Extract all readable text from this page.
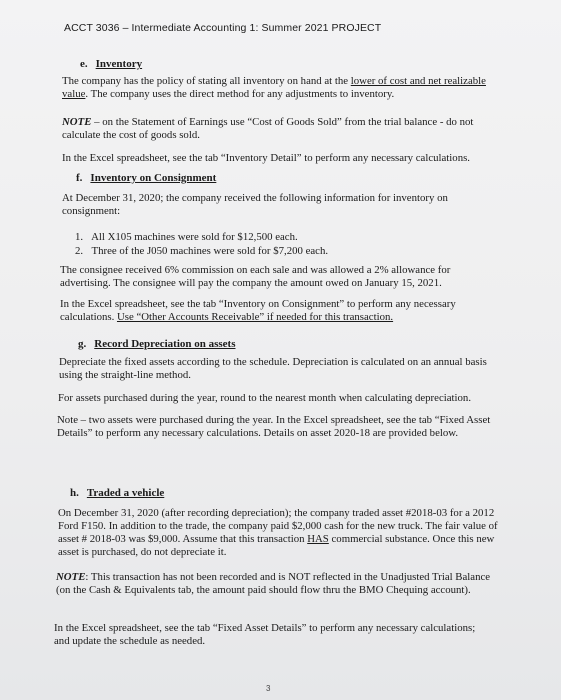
ACCT 3036 – Intermediate Accounting 1: Summer 2021 PROJECT
e. Inventory

The company has the policy of stating all inventory on hand at the lower of cost and net realizable value. The company uses the direct method for any adjustments to inventory.

NOTE – on the Statement of Earnings use “Cost of Goods Sold” from the trial balance - do not calculate the cost of goods sold.

In the Excel spreadsheet, see the tab “Inventory Detail” to perform any necessary calculations.

f. Inventory on Consignment

At December 31, 2020; the company received the following information for inventory on consignment:

1. All X105 machines were sold for $12,500 each.
2. Three of the J050 machines were sold for $7,200 each.

The consignee received 6% commission on each sale and was allowed a 2% allowance for advertising. The consignee will pay the company the amount owed on January 15, 2021.

In the Excel spreadsheet, see the tab “Inventory on Consignment” to perform any necessary calculations. Use “Other Accounts Receivable” if needed for this transaction.

g. Record Depreciation on assets

Depreciate the fixed assets according to the schedule. Depreciation is calculated on an annual basis using the straight-line method.

For assets purchased during the year, round to the nearest month when calculating depreciation.

Note – two assets were purchased during the year. In the Excel spreadsheet, see the tab “Fixed Asset Details” to perform any necessary calculations. Details on asset 2020-18 are provided below.

h. Traded a vehicle

On December 31, 2020 (after recording depreciation); the company traded asset #2018-03 for a 2012 Ford F150. In addition to the trade, the company paid $2,000 cash for the new truck. The fair value of asset # 2018-03 was $9,000. Assume that this transaction HAS commercial substance. Once this new asset is purchased, do not depreciate it.

NOTE: This transaction has not been recorded and is NOT reflected in the Unadjusted Trial Balance (on the Cash & Equivalents tab, the amount paid should flow thru the BMO Chequing account).

In the Excel spreadsheet, see the tab “Fixed Asset Details” to perform any necessary calculations; and update the schedule as needed.

3
